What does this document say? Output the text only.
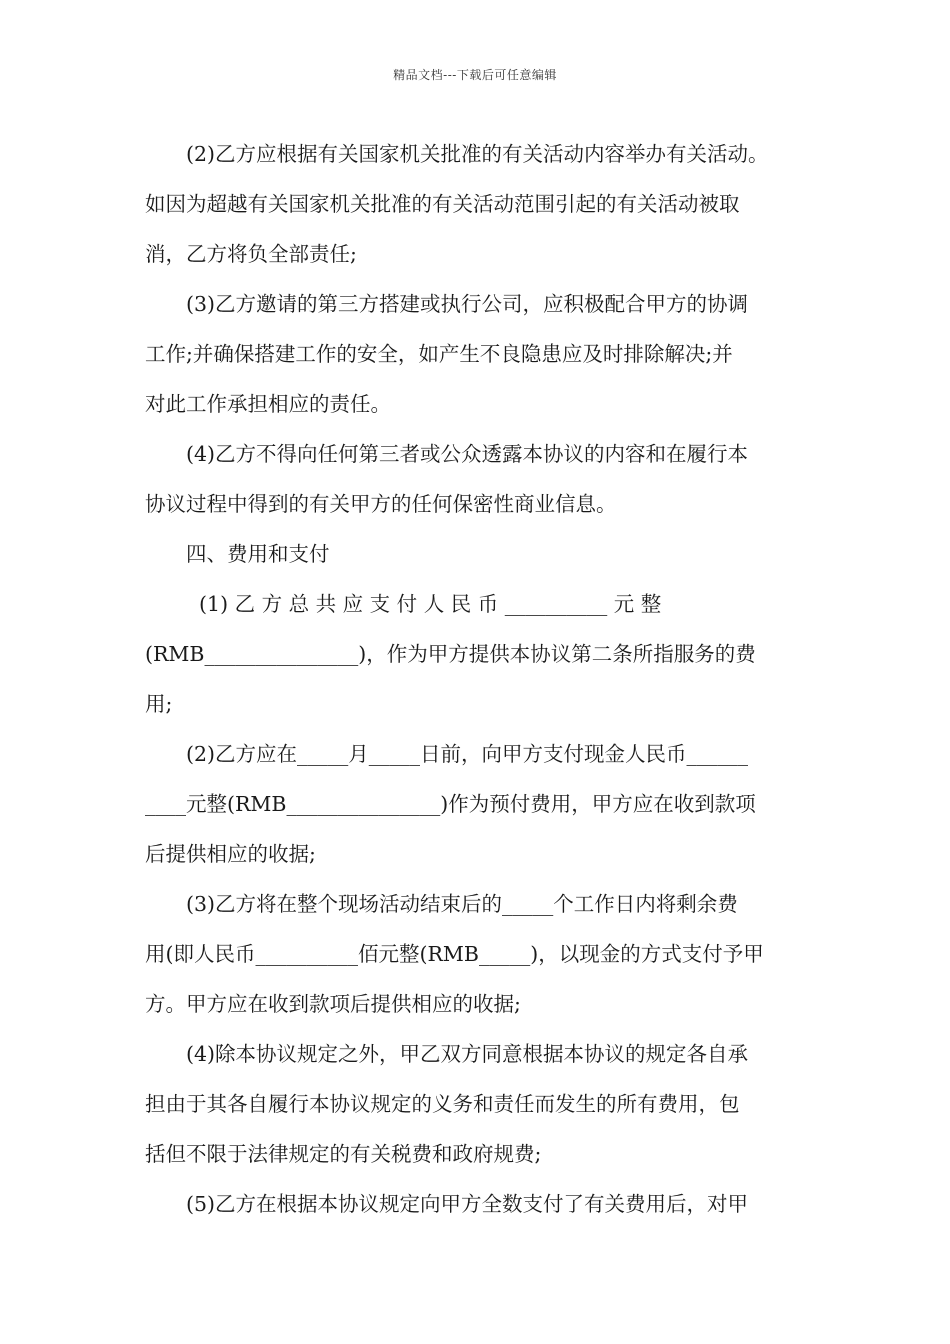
精品文档---下载后可任意编辑
(2)乙方应根据有关国家机关批准的有关活动内容举办有关活动。
如因为超越有关国家机关批准的有关活动范围引起的有关活动被取
消，乙方将负全部责任;
(3)乙方邀请的第三方搭建或执行公司，应积极配合甲方的协调
工作;并确保搭建工作的安全，如产生不良隐患应及时排除解决;并
对此工作承担相应的责任。
(4)乙方不得向任何第三者或公众透露本协议的内容和在履行本
协议过程中得到的有关甲方的任何保密性商业信息。
四、费用和支付
(1) 乙 方 总 共 应 支 付 人 民 币 __________ 元 整
(RMB_______________)，作为甲方提供本协议第二条所指服务的费
用;
(2)乙方应在_____月_____日前，向甲方支付现金人民币______
____元整(RMB_______________)作为预付费用，甲方应在收到款项
后提供相应的收据;
(3)乙方将在整个现场活动结束后的_____个工作日内将剩余费
用(即人民币__________佰元整(RMB_____)，以现金的方式支付予甲
方。甲方应在收到款项后提供相应的收据;
(4)除本协议规定之外，甲乙双方同意根据本协议的规定各自承
担由于其各自履行本协议规定的义务和责任而发生的所有费用，包
括但不限于法律规定的有关税费和政府规费;
(5)乙方在根据本协议规定向甲方全数支付了有关费用后，对甲
